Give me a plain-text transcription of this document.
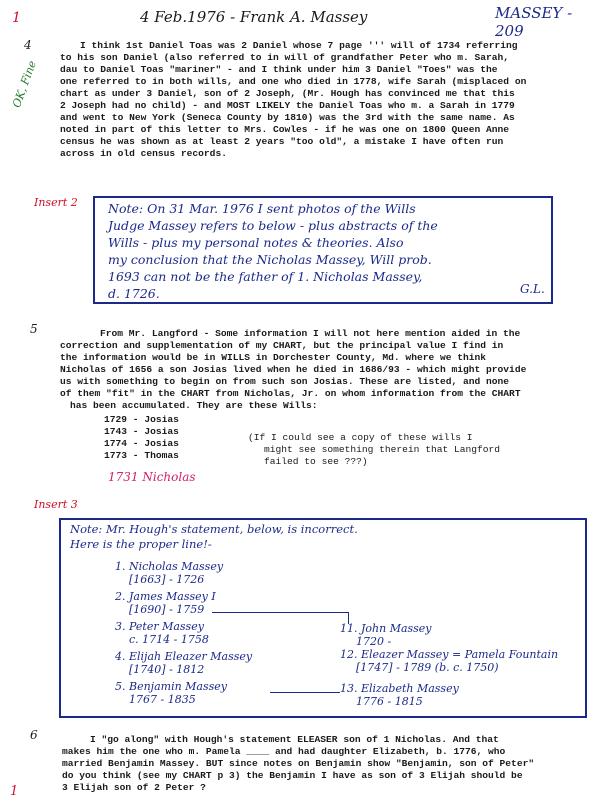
1	4 Feb.1976 - Frank A. Massey	MASSEY - 209
4
OK, Fine
I think 1st Daniel Toas was 2 Daniel whose 7 page ''' will of 1734 referring
to his son Daniel (also referred to in will of grandfather Peter who m. Sarah,
dau to Daniel Toas "mariner" - and I think under him 3 Daniel "Toes" was the
one referred to in both wills, and one who died in 1778, wife Sarah (misplaced on
chart as under 3 Daniel, son of 2 Joseph, (Mr. Hough has convinced me that this
2 Joseph had no child) - and MOST LIKELY the Daniel Toas who m. a Sarah in 1779
and went to New York (Seneca County by 1810) was the 3rd with the same name. As
noted in part of this letter to Mrs. Cowles - if he was one on 1800 Queen Anne
census he was shown as at least 2 years "too old", a mistake I have often run
across in old census records.
Insert 2 Note: On 31 Mar. 1976 I sent photos of the Wills
Judge Massey refers to below - plus abstracts of the
Wills - plus my personal notes & theories. Also
my conclusion that the Nicholas Massey, Will prob.
1693 can not be the father of 1. Nicholas Massey,
d. 1726.	G.L.
5	From Mr. Langford - Some information I will not here mention aided in the
correction and supplementation of my CHART, but the principal value I find in
the information would be in WILLS in Dorchester County, Md. where we think
Nicholas of 1656 a son Josias lived when he died in 1686/93 - which might provide
us with something to begin on from such son Josias. These are listed, and none
of them "fit" in the CHART from Nicholas, Jr. on whom information from the CHART
has been accumulated. They are these Wills:
1729 - Josias
1743 - Josias
1774 - Josias
1773 - Thomas
1731 Nicholas
(If I could see a copy of these wills I
might see something therein that Langford
failed to see ???)
Insert 3
Note: Mr. Hough's statement, below, is incorrect.
Here is the proper line!-
1. Nicholas Massey
[1663] - 1726
2. James Massey I
[1690] - 1759
3. Peter Massey
c. 1714 - 1758
4. Elijah Eleazer Massey
[1740] - 1812
5. Benjamin Massey
1767 - 1835
11. John Massey
1720 -
12. Eleazer Massey = Pamela Fountain
[1747] - 1789 (b. c. 1750)
13. Elizabeth Massey
1776 - 1815
6
1
I "go along" with Hough's statement ELEASER son of 1 Nicholas. And that
makes him the one who m. Pamela ____ and had daughter Elizabeth, b. 1776, who
married Benjamin Massey. BUT since notes on Benjamin show "Benjamin, son of Peter"
do you think (see my CHART p 3) the Benjamin I have as son of 3 Elijah should be
3 Elijah son of 2 Peter ?
